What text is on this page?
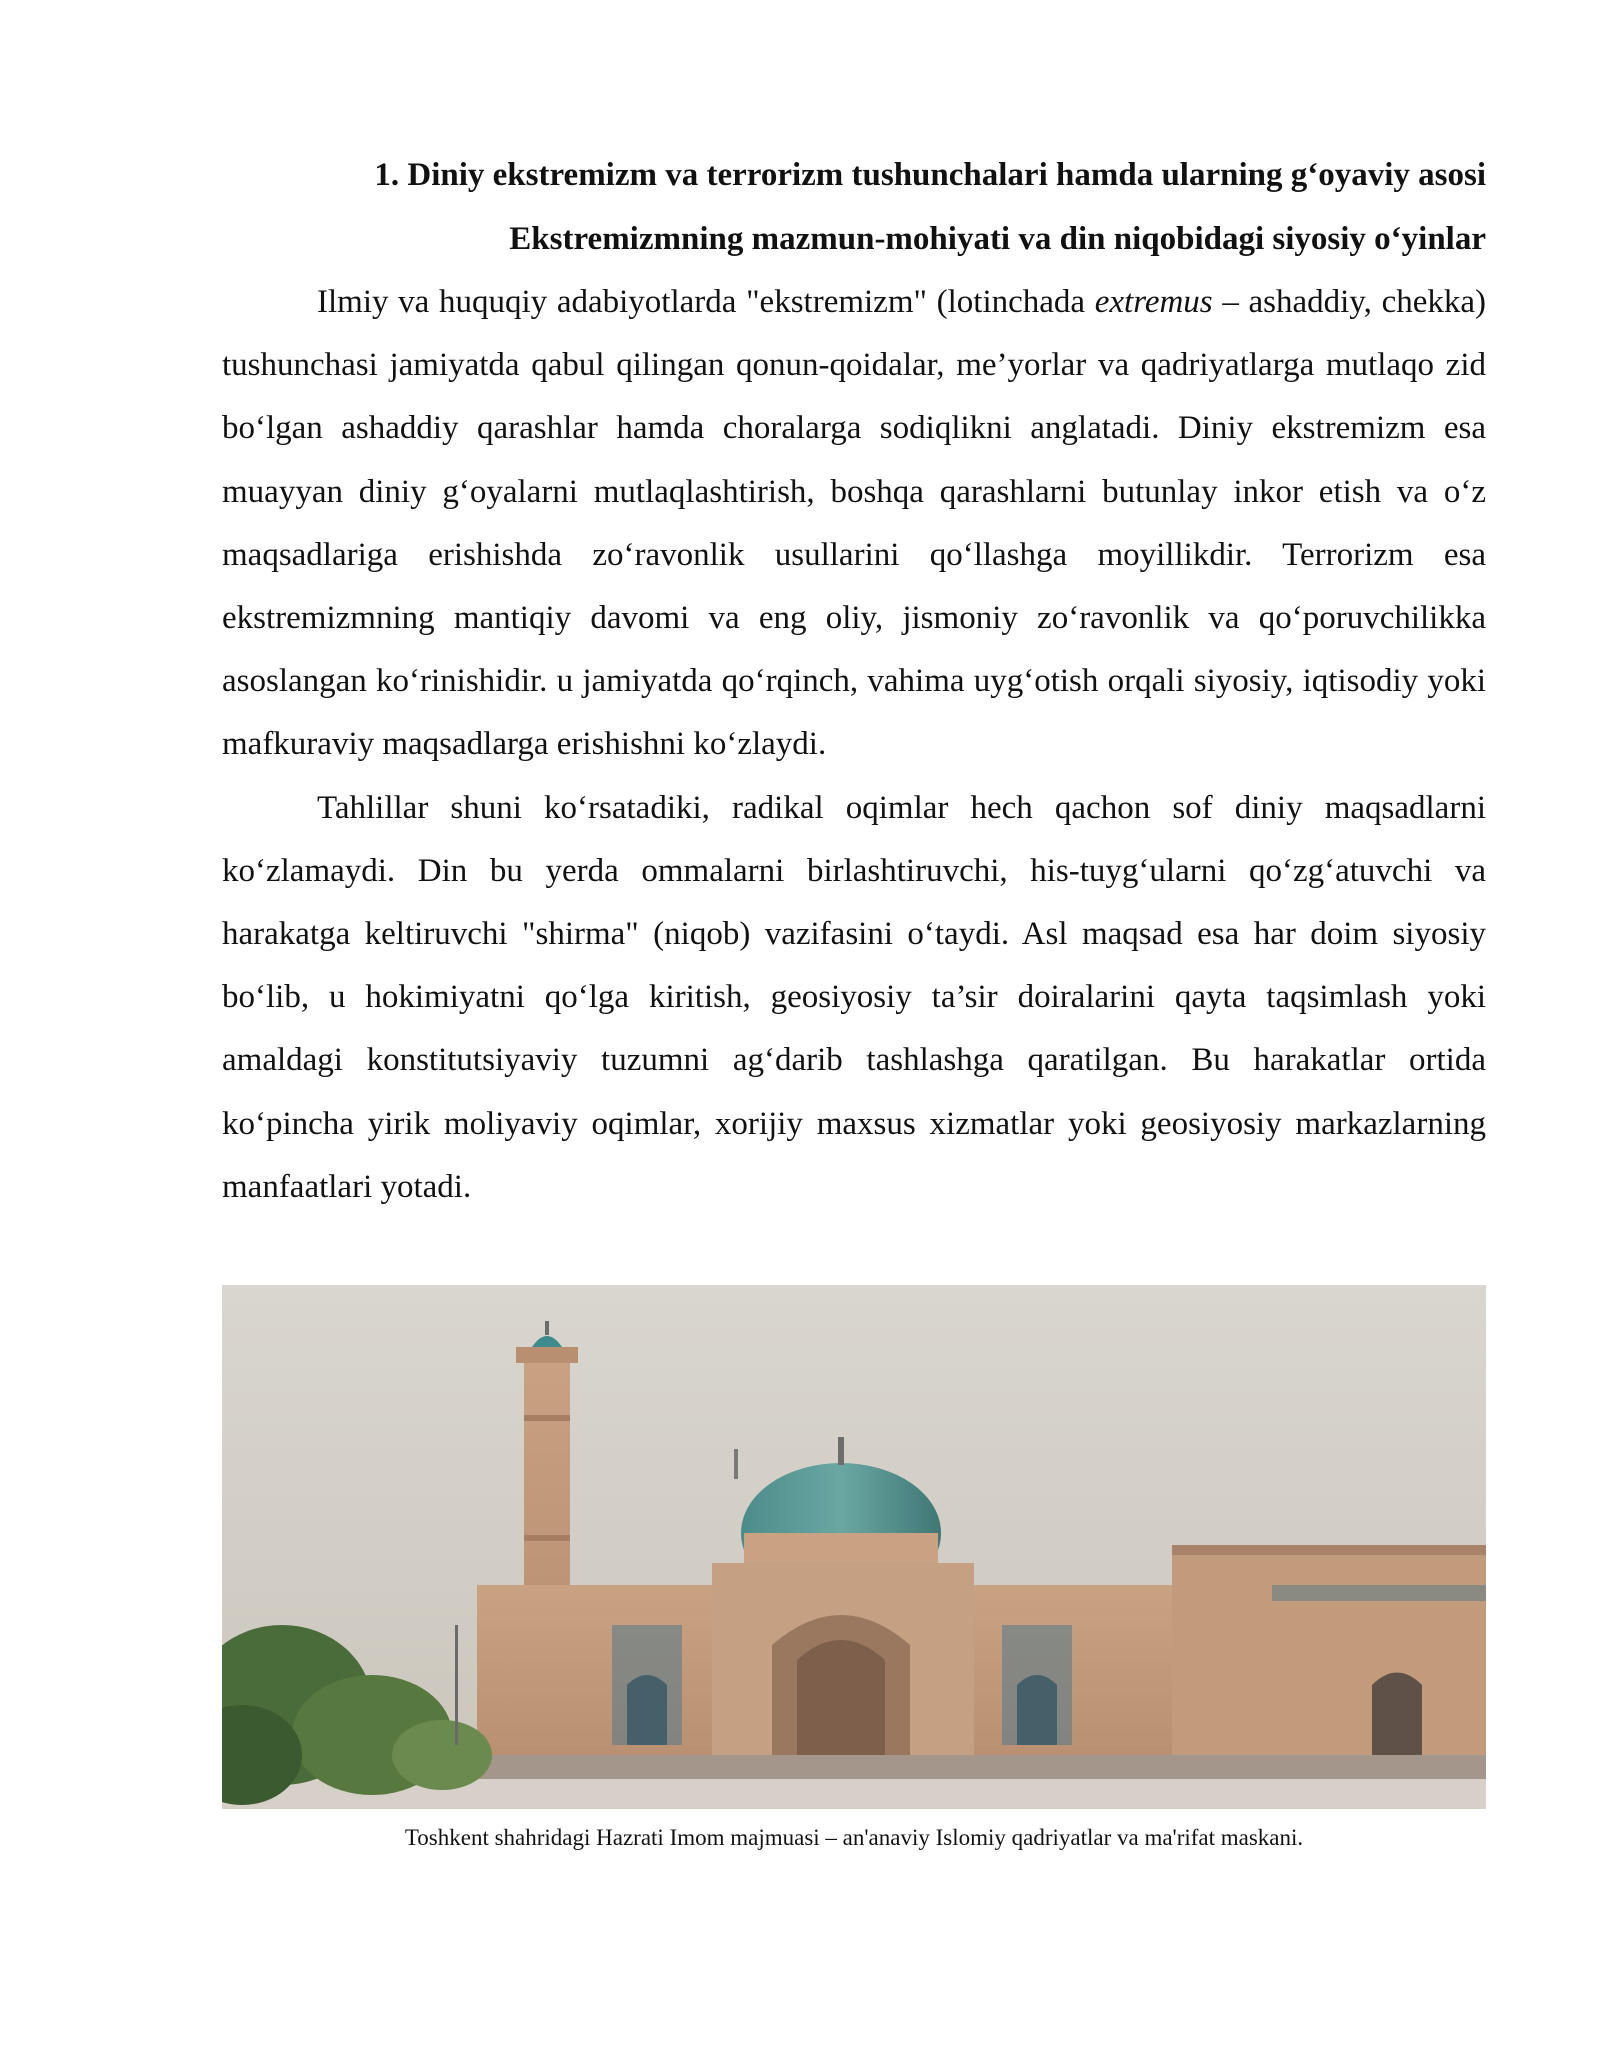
1. Diniy ekstremizm va terrorizm tushunchalari hamda ularning gʻoyaviy asosi
Ekstremizmning mazmun-mohiyati va din niqobidagi siyosiy oʻyinlar

Ilmiy va huquqiy adabiyotlarda "ekstremizm" (lotinchada extremus – ashaddiy, chekka) tushunchasi jamiyatda qabul qilingan qonun-qoidalar, me’yorlar va qadriyatlarga mutlaqo zid boʻlgan ashaddiy qarashlar hamda choralarga sodiqlikni anglatadi. Diniy ekstremizm esa muayyan diniy gʻoyalarni mutlaqlashtirish, boshqa qarashlarni butunlay inkor etish va oʻz maqsadlariga erishishda zoʻravonlik usullarini qoʻllashga moyillikdir. Terrorizm esa ekstremizmning mantiqiy davomi va eng oliy, jismoniy zoʻravonlik va qoʻporuvchilikka asoslangan koʻrinishidir. u jamiyatda qoʻrqinch, vahima uygʻotish orqali siyosiy, iqtisodiy yoki mafkuraviy maqsadlarga erishishni koʻzlaydi.

Tahlillar shuni koʻrsatadiki, radikal oqimlar hech qachon sof diniy maqsadlarni koʻzlamaydi. Din bu yerda ommalarni birlashtiruvchi, his-tuygʻularni qoʻzgʻatuvchi va harakatga keltiruvchi "shirma" (niqob) vazifasini oʻtaydi. Asl maqsad esa har doim siyosiy boʻlib, u hokimiyatni qoʻlga kiritish, geosiyosiy ta’sir doiralarini qayta taqsimlash yoki amaldagi konstitutsiyaviy tuzumni agʻdarib tashlashga qaratilgan. Bu harakatlar ortida koʻpincha yirik moliyaviy oqimlar, xorijiy maxsus xizmatlar yoki geosiyosiy markazlarning manfaatlari yotadi.

Toshkent shahridagi Hazrati Imom majmuasi – an'anaviy Islomiy qadriyatlar va ma'rifat maskani.
